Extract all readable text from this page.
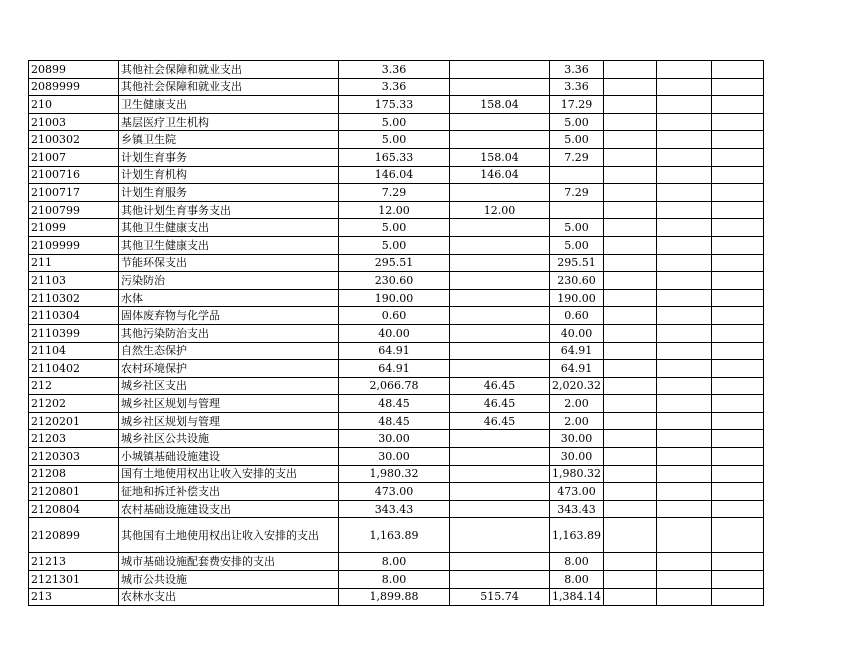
20899	其他社会保障和就业支出	3.36		3.36			
2089999	其他社会保障和就业支出	3.36		3.36			
210	卫生健康支出	175.33	158.04	17.29			
21003	基层医疗卫生机构	5.00		5.00			
2100302	乡镇卫生院	5.00		5.00			
21007	计划生育事务	165.33	158.04	7.29			
2100716	计划生育机构	146.04	146.04				
2100717	计划生育服务	7.29		7.29			
2100799	其他计划生育事务支出	12.00	12.00				
21099	其他卫生健康支出	5.00		5.00			
2109999	其他卫生健康支出	5.00		5.00			
211	节能环保支出	295.51		295.51			
21103	污染防治	230.60		230.60			
2110302	水体	190.00		190.00			
2110304	固体废弃物与化学品	0.60		0.60			
2110399	其他污染防治支出	40.00		40.00			
21104	自然生态保护	64.91		64.91			
2110402	农村环境保护	64.91		64.91			
212	城乡社区支出	2,066.78	46.45	2,020.32			
21202	城乡社区规划与管理	48.45	46.45	2.00			
2120201	城乡社区规划与管理	48.45	46.45	2.00			
21203	城乡社区公共设施	30.00		30.00			
2120303	小城镇基础设施建设	30.00		30.00			
21208	国有土地使用权出让收入安排的支出	1,980.32		1,980.32			
2120801	征地和拆迁补偿支出	473.00		473.00			
2120804	农村基础设施建设支出	343.43		343.43			
2120899	其他国有土地使用权出让收入安排的支出	1,163.89		1,163.89			
21213	城市基础设施配套费安排的支出	8.00		8.00			
2121301	城市公共设施	8.00		8.00			
213	农林水支出	1,899.88	515.74	1,384.14			
